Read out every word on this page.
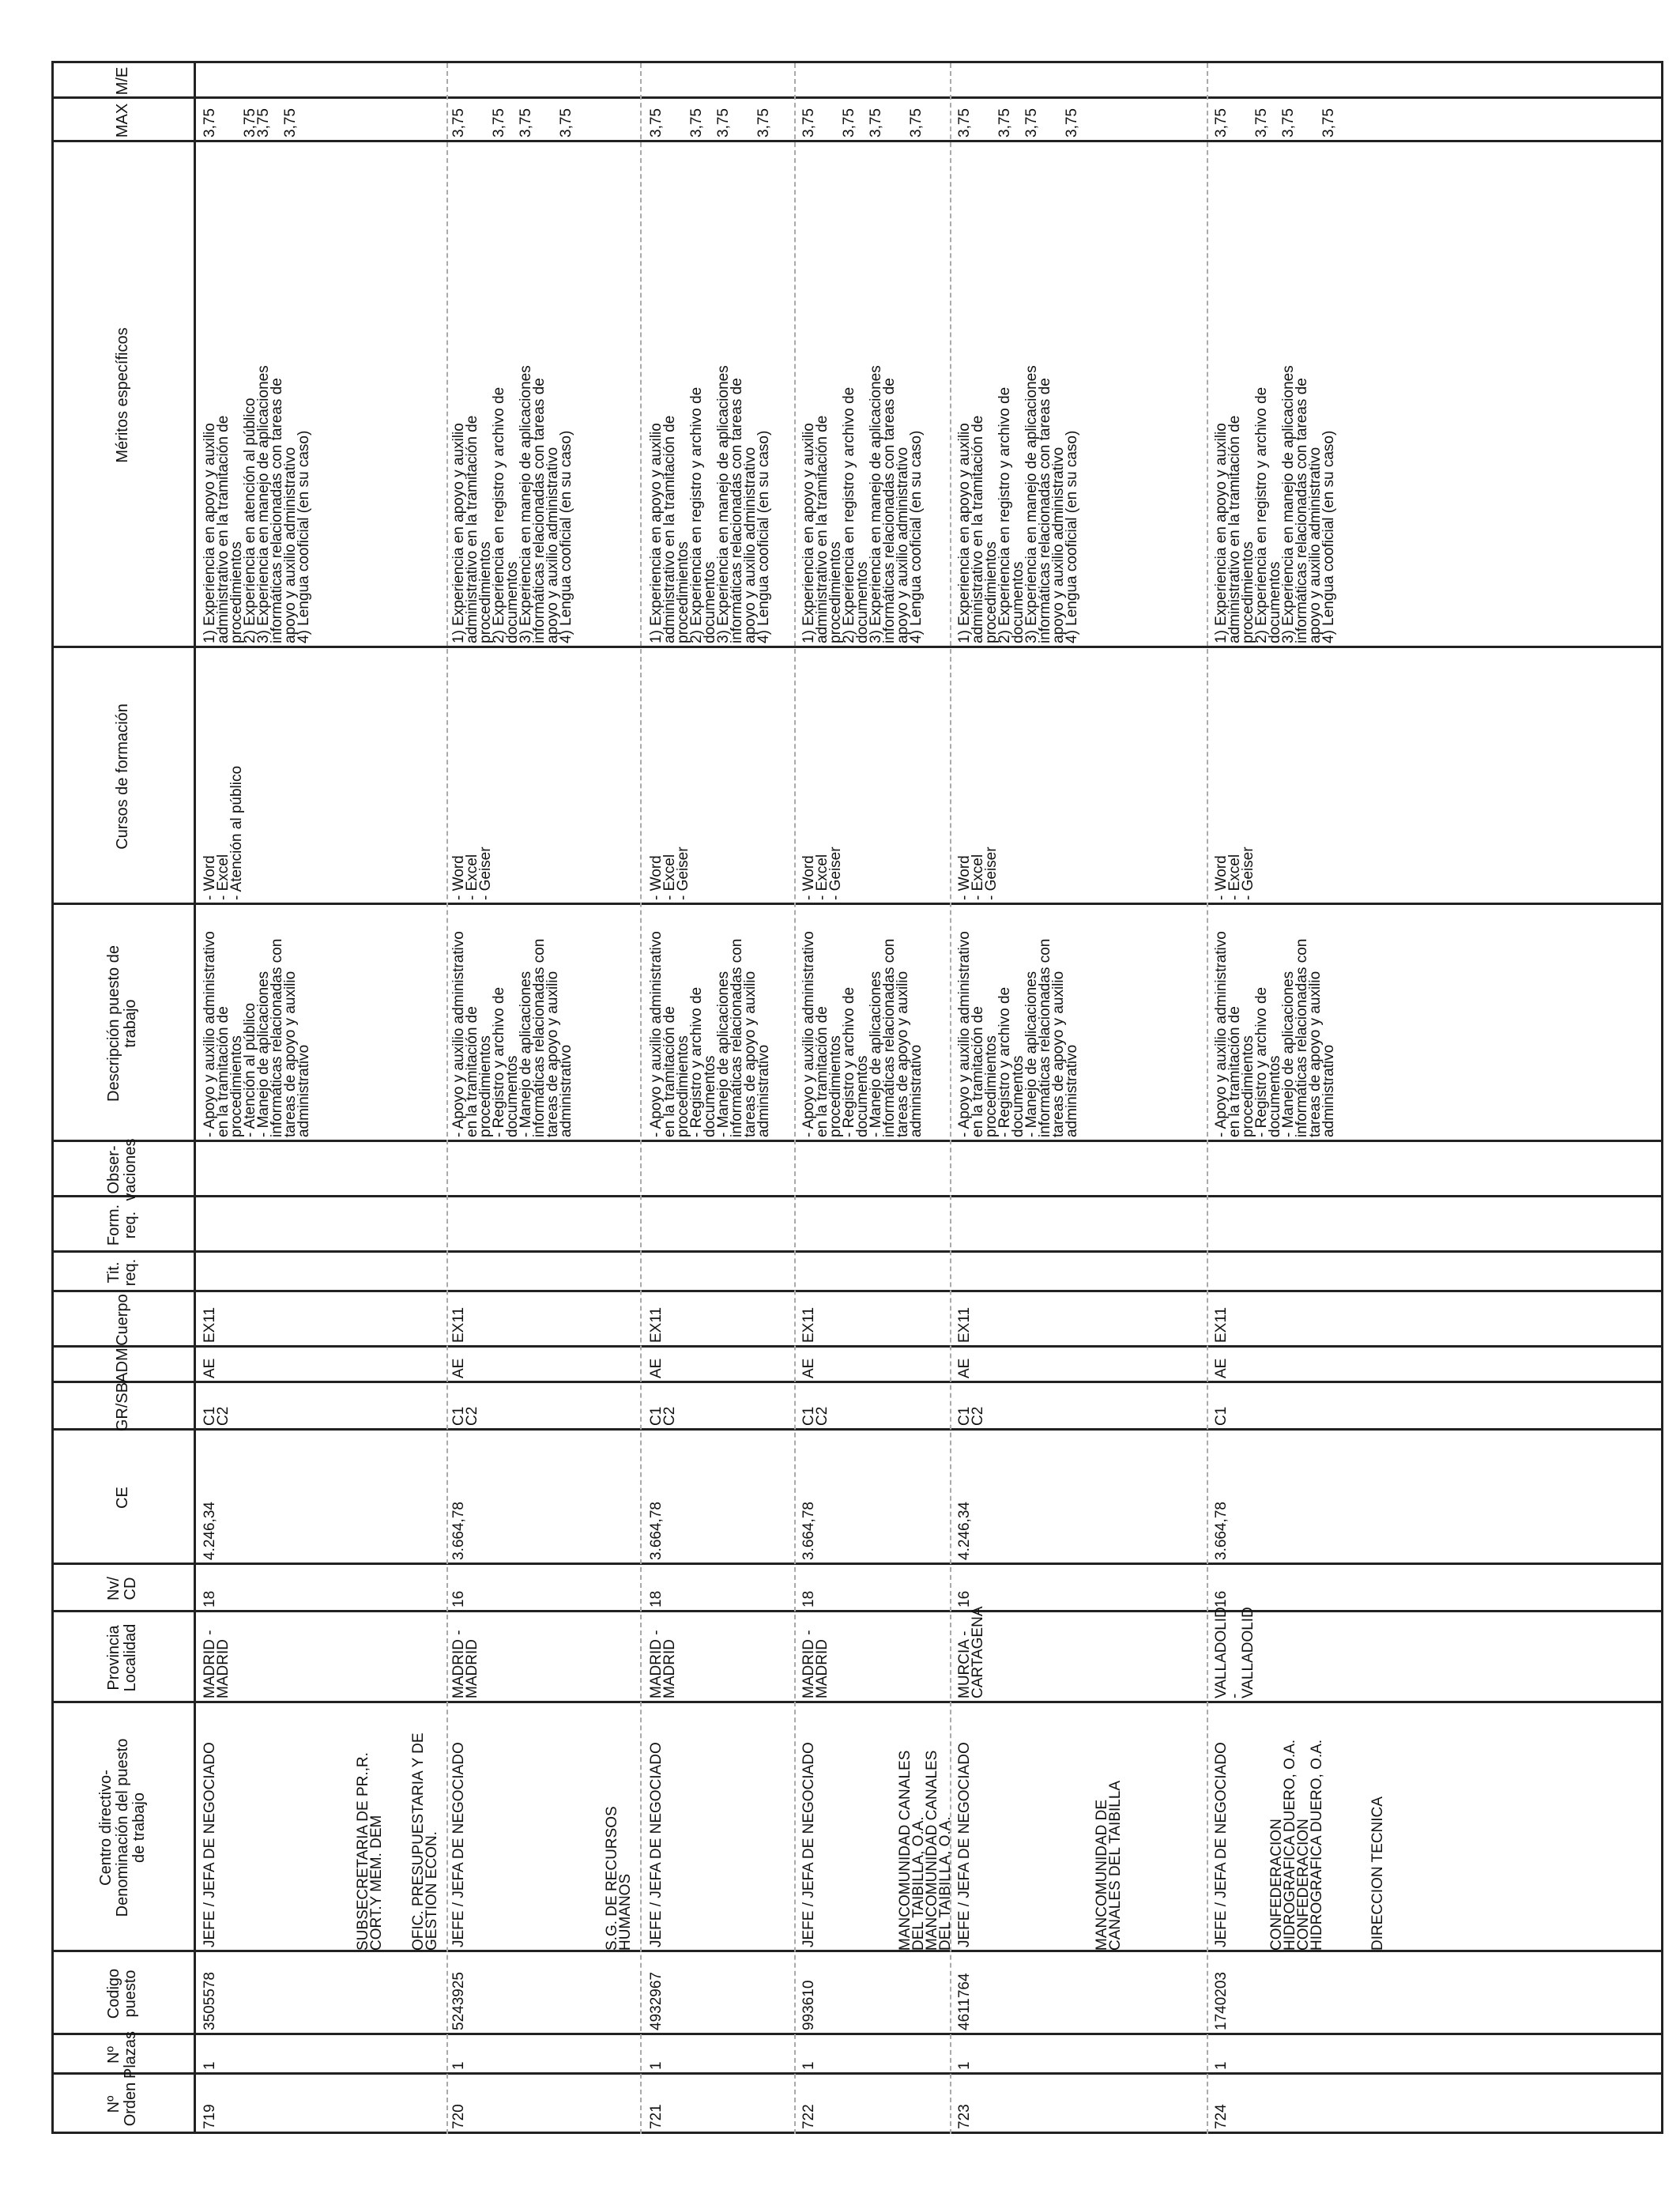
Nº
Orden
Nº
Plazas
Codigo
puesto
Centro directivo-
Denominación del puesto
de trabajo
Provincia
Localidad
Nv/
CD
CE
GR/SB
ADM
Cuerpo
Tit.
req.
Form.
req.
Obser-
vaciones
Descripción puesto de
trabajo
Cursos de formación
Méritos específicos
MAX
M/E
719
1
3505578
JEFE / JEFA DE NEGOCIADO
MADRID -
MADRID
18
4.246,34
C1
C2
AE
EX11
- Apoyo y auxilio administrativo
en la tramitación de
procedimientos
- Atención al público
- Manejo de aplicaciones
informáticas relacionadas con
tareas de apoyo y auxilio
administrativo
- Word
- Excel
- Atención al público
1) Experiencia en apoyo y auxilio
administrativo en la tramitación de
procedimientos
2) Experiencia en atención al público
3) Experiencia en manejo de aplicaciones
informáticas relacionadas con tareas de
apoyo y auxilio administrativo
4) Lengua cooficial (en su caso)
3,75

3,75
3,75

3,75
720
1
5243925
JEFE / JEFA DE NEGOCIADO
MADRID -
MADRID
16
3.664,78
C1
C2
AE
EX11
- Apoyo y auxilio administrativo
en la tramitación de
procedimientos
- Registro y archivo de
documentos
- Manejo de aplicaciones
informáticas relacionadas con
tareas de apoyo y auxilio
administrativo
- Word
- Excel
- Geiser
1) Experiencia en apoyo y auxilio
administrativo en la tramitación de
procedimientos
2) Experiencia en registro y archivo de
documentos
3) Experiencia en manejo de aplicaciones
informáticas relacionadas con tareas de
apoyo y auxilio administrativo
4) Lengua cooficial (en su caso)
3,75

3,75

3,75

3,75
721
1
4932967
JEFE / JEFA DE NEGOCIADO
MADRID -
MADRID
18
3.664,78
C1
C2
AE
EX11
- Apoyo y auxilio administrativo
en la tramitación de
procedimientos
- Registro y archivo de
documentos
- Manejo de aplicaciones
informáticas relacionadas con
tareas de apoyo y auxilio
administrativo
- Word
- Excel
- Geiser
1) Experiencia en apoyo y auxilio
administrativo en la tramitación de
procedimientos
2) Experiencia en registro y archivo de
documentos
3) Experiencia en manejo de aplicaciones
informáticas relacionadas con tareas de
apoyo y auxilio administrativo
4) Lengua cooficial (en su caso)
3,75

3,75

3,75

3,75
722
1
993610
JEFE / JEFA DE NEGOCIADO
MADRID -
MADRID
18
3.664,78
C1
C2
AE
EX11
- Apoyo y auxilio administrativo
en la tramitación de
procedimientos
- Registro y archivo de
documentos
- Manejo de aplicaciones
informáticas relacionadas con
tareas de apoyo y auxilio
administrativo
- Word
- Excel
- Geiser
1) Experiencia en apoyo y auxilio
administrativo en la tramitación de
procedimientos
2) Experiencia en registro y archivo de
documentos
3) Experiencia en manejo de aplicaciones
informáticas relacionadas con tareas de
apoyo y auxilio administrativo
4) Lengua cooficial (en su caso)
3,75

3,75

3,75

3,75
723
1
4611764
JEFE / JEFA DE NEGOCIADO
MURCIA -
CARTAGENA
16
4.246,34
C1
C2
AE
EX11
- Apoyo y auxilio administrativo
en la tramitación de
procedimientos
- Registro y archivo de
documentos
- Manejo de aplicaciones
informáticas relacionadas con
tareas de apoyo y auxilio
administrativo
- Word
- Excel
- Geiser
1) Experiencia en apoyo y auxilio
administrativo en la tramitación de
procedimientos
2) Experiencia en registro y archivo de
documentos
3) Experiencia en manejo de aplicaciones
informáticas relacionadas con tareas de
apoyo y auxilio administrativo
4) Lengua cooficial (en su caso)
3,75

3,75

3,75

3,75
724
1
1740203
JEFE / JEFA DE NEGOCIADO
VALLADOLID -
VALLADOLID
16
3.664,78
C1
AE
EX11
- Apoyo y auxilio administrativo
en la tramitación de
procedimientos
- Registro y archivo de
documentos
- Manejo de aplicaciones
informáticas relacionadas con
tareas de apoyo y auxilio
administrativo
- Word
- Excel
- Geiser
1) Experiencia en apoyo y auxilio
administrativo en la tramitación de
procedimientos
2) Experiencia en registro y archivo de
documentos
3) Experiencia en manejo de aplicaciones
informáticas relacionadas con tareas de
apoyo y auxilio administrativo
4) Lengua cooficial (en su caso)
3,75

3,75

3,75

3,75
SUBSECRETARIA DE PR.,R.
CORT.Y MEM. DEM
OFIC. PRESUPUESTARIA Y DE
GESTION ECON.
S.G. DE RECURSOS
HUMANOS	MANCOMUNIDAD CANALES
DEL TAIBILLA, O.A.
MANCOMUNIDAD CANALES
DEL TAIBILLA, O.A.	MANCOMUNIDAD DE
CANALES DEL TAIBILLA
CONFEDERACION
HIDROGRAFICA DUERO, O.A.
CONFEDERACION
HIDROGRAFICA DUERO, O.A.
DIRECCION TECNICA
